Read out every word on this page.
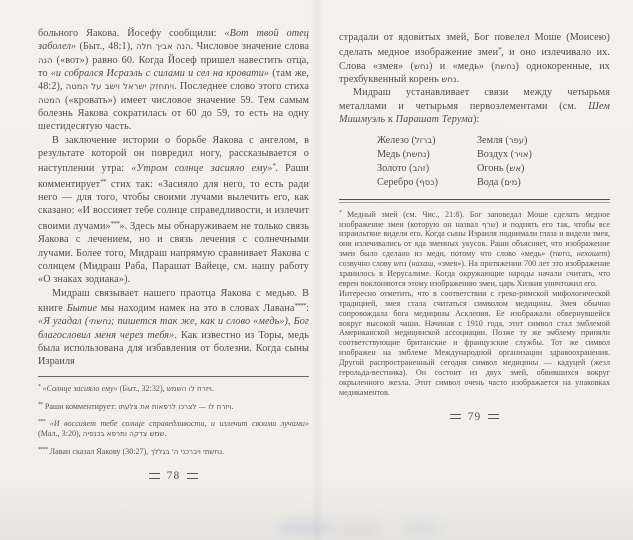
больного Яакова. Йосефу сообщили: «Вот твой отец заболел» (Быт., 48:1), הנה אביך חלה. Числовое значение слова הנה («вот») равно 60. Когда Йосеф пришел навестить отца, то «и собрался Исраэль с силами и сел на кровати» (там же, 48:2), ויתחזק ישראל וישב על המטה. Последнее слово этого стиха המטה («кровать») имеет числовое значение 59. Тем самым болезнь Яакова сократилась от 60 до 59, то есть на одну шестидесятую часть.

В заключение истории о борьбе Яакова с ангелом, в результате которой он повредил ногу, рассказывается о наступлении утра: «Утром солнце засияло ему»*. Раши комментирует** стих так: «Засияло для него, то есть ради него — для того, чтобы своими лучами вылечить его, как сказано: «И воссияет тебе солнце справедливости, и излечит своими лучами»***». Здесь мы обнаруживаем не только связь Яакова с лечением, но и связь лечения с солнечными лучами. Более того, Мидраш напрямую сравнивает Яакова с солнцем (Мидраш Раба, Парашат Вайеце, см. нашу работу «О знаках зодиака»).

Мидраш связывает нашего праотца Яакова с медью. В книге Бытие мы находим намек на это в словах Лавана****: «Я угадал (נחשתי; пишется так же, как и слово «медь»), Бог благословил меня через тебя». Как известно из Торы, медь была использована для избавления от болезни. Когда сыны Израиля

* «Солнце засияло ему» (Быт., 32:32), ויזרח לו השמש.

** Раши комментирует: ויזרח לו — לצרכו לרפאות את צלעתו.

*** «И воссияет тебе солнце справедливости, и излечит своими лучами» (Мал., 3:20), שמש צדקה ומרפא בכנפיה.

**** Лаван сказал Яакову (30:27), נחשתי ויברכני ה' בגללך.

78

страдали от ядовитых змей, Бог повелел Моше (Моисею) сделать медное изображение змеи*, и оно излечивало их. Слова «змея» (נחש) и «медь» (נחשת) однокоренные, их трехбуквенный корень נחש.

Мидраш устанавливает связи между четырьмя металлами и четырьмя первоэлементами (см. Шем Мишмуэль к Парашат Терума):

Железо (ברזל)	Земля (עפר)
Медь (נחשת)	Воздух (אויר)
Золото (זהב)	Огонь (אש)
Серебро (כסף)	Вода (מים)

* Медный змей (см. Чис., 21:8). Бог заповедал Моше сделать медное изображение змеи (которую он назвал שרף) и поднять его так, чтобы все израильтяне видели его. Когда сыны Израиля поднимали глаза и видели змея, они излечивались от яда змеиных укусов. Раши объясняет, что изображение змеи было сделано из меди, потому что слово «медь» (נחשת, нехошет) созвучно слову נחש (нахаш, «змея»). На протяжении 700 лет это изображение хранилось в Иерусалиме. Когда окружающие народы начали считать, что евреи поклоняются этому изображению змеи, царь Хизкия уничтожил его.

Интересно отметить, что в соответствии с греко-римской мифологической традицией, змея стала считаться символом медицины. Змея обычно сопровождала бога медицины Асклепия. Ее изображали обвернувшейся вокруг высокой чаши. Начиная с 1910 года, этот символ стал эмблемой Американской медицинской ассоциации. Позже ту же эмблему приняли соответствующие британские и французские службы. Тот же символ изображен на эмблеме Международной организации здравоохранения. Другой распространенный сегодня символ медицины — кадуцей (жезл герольда-вестника). Он состоит из двух змей, обвившихся вокруг окрыленного жезла. Этот символ очень часто изображается на упаковках медикаментов.

79
